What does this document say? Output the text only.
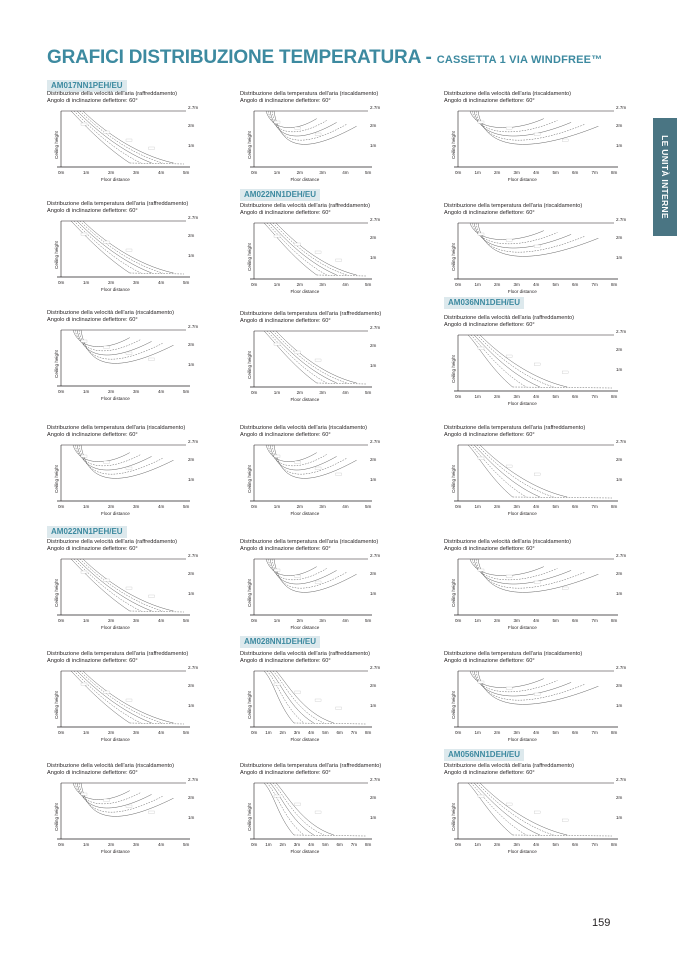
GRAFICI DISTRIBUZIONE TEMPERATURA - CASSETTA 1 VIA WINDFREE™
LE UNITÀ INTERNE
AM017NN1PEH/EU
Distribuzione della velocità dell'aria (raffreddamento)
Angolo di inclinazione deflettore: 60°
2.7m
2m
1m
Ceiling height
0m	1m	2m	3m	4m	5m
Floor distance
Distribuzione della temperatura dell'aria (raffreddamento)
Angolo di inclinazione deflettore: 60°
2.7m
2m
1m
Ceiling height
0m	1m	2m	3m	4m	5m
Floor distance
Distribuzione della velocità dell'aria (riscaldamento)
Angolo di inclinazione deflettore: 60°
2.7m
2m
1m
Ceiling height
0m	1m	2m	3m	4m	5m
Floor distance
Distribuzione della temperatura dell'aria (riscaldamento)
Angolo di inclinazione deflettore: 60°
2.7m
2m
1m
Ceiling height
0m	1m	2m	3m	4m	5m
Floor distance
AM022NN1PEH/EU
Distribuzione della velocità dell'aria (raffreddamento)
Angolo di inclinazione deflettore: 60°
2.7m
2m
1m
Ceiling height
0m	1m	2m	3m	4m	5m
Floor distance
Distribuzione della temperatura dell'aria (raffreddamento)
Angolo di inclinazione deflettore: 60°
2.7m
2m
1m
Ceiling height
0m	1m	2m	3m	4m	5m
Floor distance
Distribuzione della velocità dell'aria (riscaldamento)
Angolo di inclinazione deflettore: 60°
2.7m
2m
1m
Ceiling height
0m	1m	2m	3m	4m	5m
Floor distance
Distribuzione della temperatura dell'aria (riscaldamento)
Angolo di inclinazione deflettore: 60°
2.7m
2m
1m
Ceiling height
0m	1m	2m	3m	4m	5m
Floor distance
AM022NN1DEH/EU
Distribuzione della velocità dell'aria (raffreddamento)
Angolo di inclinazione deflettore: 60°
2.7m
2m
1m
Ceiling height
0m	1m	2m	3m	4m	5m
Floor distance
Distribuzione della temperatura dell'aria (raffreddamento)
Angolo di inclinazione deflettore: 60°
2.7m
2m
1m
Ceiling height
0m	1m	2m	3m	4m	5m
Floor distance
Distribuzione della velocità dell'aria (riscaldamento)
Angolo di inclinazione deflettore: 60°
2.7m
2m
1m
Ceiling height
0m	1m	2m	3m	4m	5m
Floor distance
Distribuzione della temperatura dell'aria (riscaldamento)
Angolo di inclinazione deflettore: 60°
2.7m
2m
1m
Ceiling height
0m	1m	2m	3m	4m	5m
Floor distance
AM028NN1DEH/EU
Distribuzione della velocità dell'aria (raffreddamento)
Angolo di inclinazione deflettore: 60°
2.7m
2m
1m
Ceiling height
0m 1m 2m 3m 4m 5m 6m 7m 8m
Floor distance
Distribuzione della temperatura dell'aria (raffreddamento)
Angolo di inclinazione deflettore: 60°
2.7m
2m
1m
Ceiling height
0m 1m 2m 3m 4m 5m 6m 7m 8m
Floor distance
Distribuzione della velocità dell'aria (riscaldamento)
Angolo di inclinazione deflettore: 60°
2.7m
2m
1m
Ceiling height
0m	1m	2m	3m	4m	5m	6m	7m	8m
Floor distance
Distribuzione della temperatura dell'aria (riscaldamento)
Angolo di inclinazione deflettore: 60°
2.7m
2m
1m
Ceiling height
0m	1m	2m	3m	4m	5m	6m	7m	8m
Floor distance
AM036NN1DEH/EU
Distribuzione della velocità dell'aria (raffreddamento)
Angolo di inclinazione deflettore: 60°
2.7m
2m
1m
Ceiling height
0m	1m	2m	3m	4m	5m	6m	7m	8m
Floor distance
Distribuzione della temperatura dell'aria (raffreddamento)
Angolo di inclinazione deflettore: 60°
2.7m
2m
1m
Ceiling height
0m	1m	2m	3m	4m	5m	6m	7m	8m
Floor distance
Distribuzione della velocità dell'aria (riscaldamento)
Angolo di inclinazione deflettore: 60°
2.7m
2m
1m
Ceiling height
0m	1m	2m	3m	4m	5m	6m	7m	8m
Floor distance
Distribuzione della temperatura dell'aria (riscaldamento)
Angolo di inclinazione deflettore: 60°
2.7m
2m
1m
Ceiling height
0m	1m	2m	3m	4m	5m	6m	7m	8m
Floor distance
AM056NN1DEH/EU
Distribuzione della velocità dell'aria (raffreddamento)
Angolo di inclinazione deflettore: 60°
2.7m
2m
1m
Ceiling height
0m	1m	2m	3m	4m	5m	6m	7m	8m
Floor distance
159
